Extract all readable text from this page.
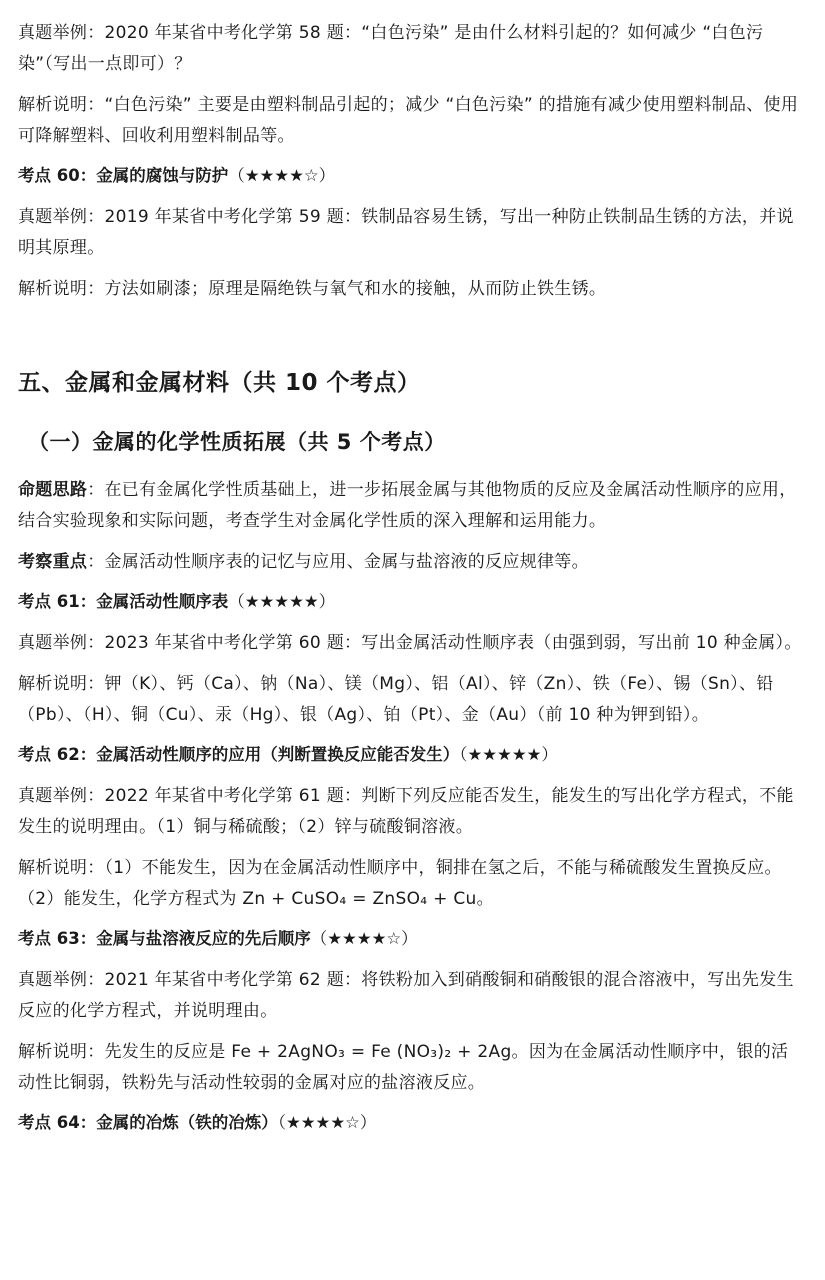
真题举例：2020 年某省中考化学第 58 题：“白色污染” 是由什么材料引起的？如何减少 “白色污染”（写出一点即可）？

解析说明：“白色污染” 主要是由塑料制品引起的；减少 “白色污染” 的措施有减少使用塑料制品、使用可降解塑料、回收利用塑料制品等。

考点 60：金属的腐蚀与防护（★★★★☆）

真题举例：2019 年某省中考化学第 59 题：铁制品容易生锈，写出一种防止铁制品生锈的方法，并说明其原理。

解析说明：方法如刷漆；原理是隔绝铁与氧气和水的接触，从而防止铁生锈。

五、金属和金属材料（共 10 个考点）
（一）金属的化学性质拓展（共 5 个考点）

命题思路：在已有金属化学性质基础上，进一步拓展金属与其他物质的反应及金属活动性顺序的应用，结合实验现象和实际问题，考查学生对金属化学性质的深入理解和运用能力。

考察重点：金属活动性顺序表的记忆与应用、金属与盐溶液的反应规律等。

考点 61：金属活动性顺序表（★★★★★）

真题举例：2023 年某省中考化学第 60 题：写出金属活动性顺序表（由强到弱，写出前 10 种金属）。

解析说明：钾（K）、钙（Ca）、钠（Na）、镁（Mg）、铝（Al）、锌（Zn）、铁（Fe）、锡（Sn）、铅（Pb）、（H）、铜（Cu）、汞（Hg）、银（Ag）、铂（Pt）、金（Au）（前 10 种为钾到铅）。

考点 62：金属活动性顺序的应用（判断置换反应能否发生）（★★★★★）

真题举例：2022 年某省中考化学第 61 题：判断下列反应能否发生，能发生的写出化学方程式，不能发生的说明理由。（1）铜与稀硫酸；（2）锌与硫酸铜溶液。

解析说明：（1）不能发生，因为在金属活动性顺序中，铜排在氢之后，不能与稀硫酸发生置换反应。（2）能发生，化学方程式为 Zn + CuSO₄ = ZnSO₄ + Cu。

考点 63：金属与盐溶液反应的先后顺序（★★★★☆）

真题举例：2021 年某省中考化学第 62 题：将铁粉加入到硝酸铜和硝酸银的混合溶液中，写出先发生反应的化学方程式，并说明理由。

解析说明：先发生的反应是 Fe + 2AgNO₃ = Fe (NO₃)₂ + 2Ag。因为在金属活动性顺序中，银的活动性比铜弱，铁粉先与活动性较弱的金属对应的盐溶液反应。

考点 64：金属的冶炼（铁的冶炼）（★★★★☆）
